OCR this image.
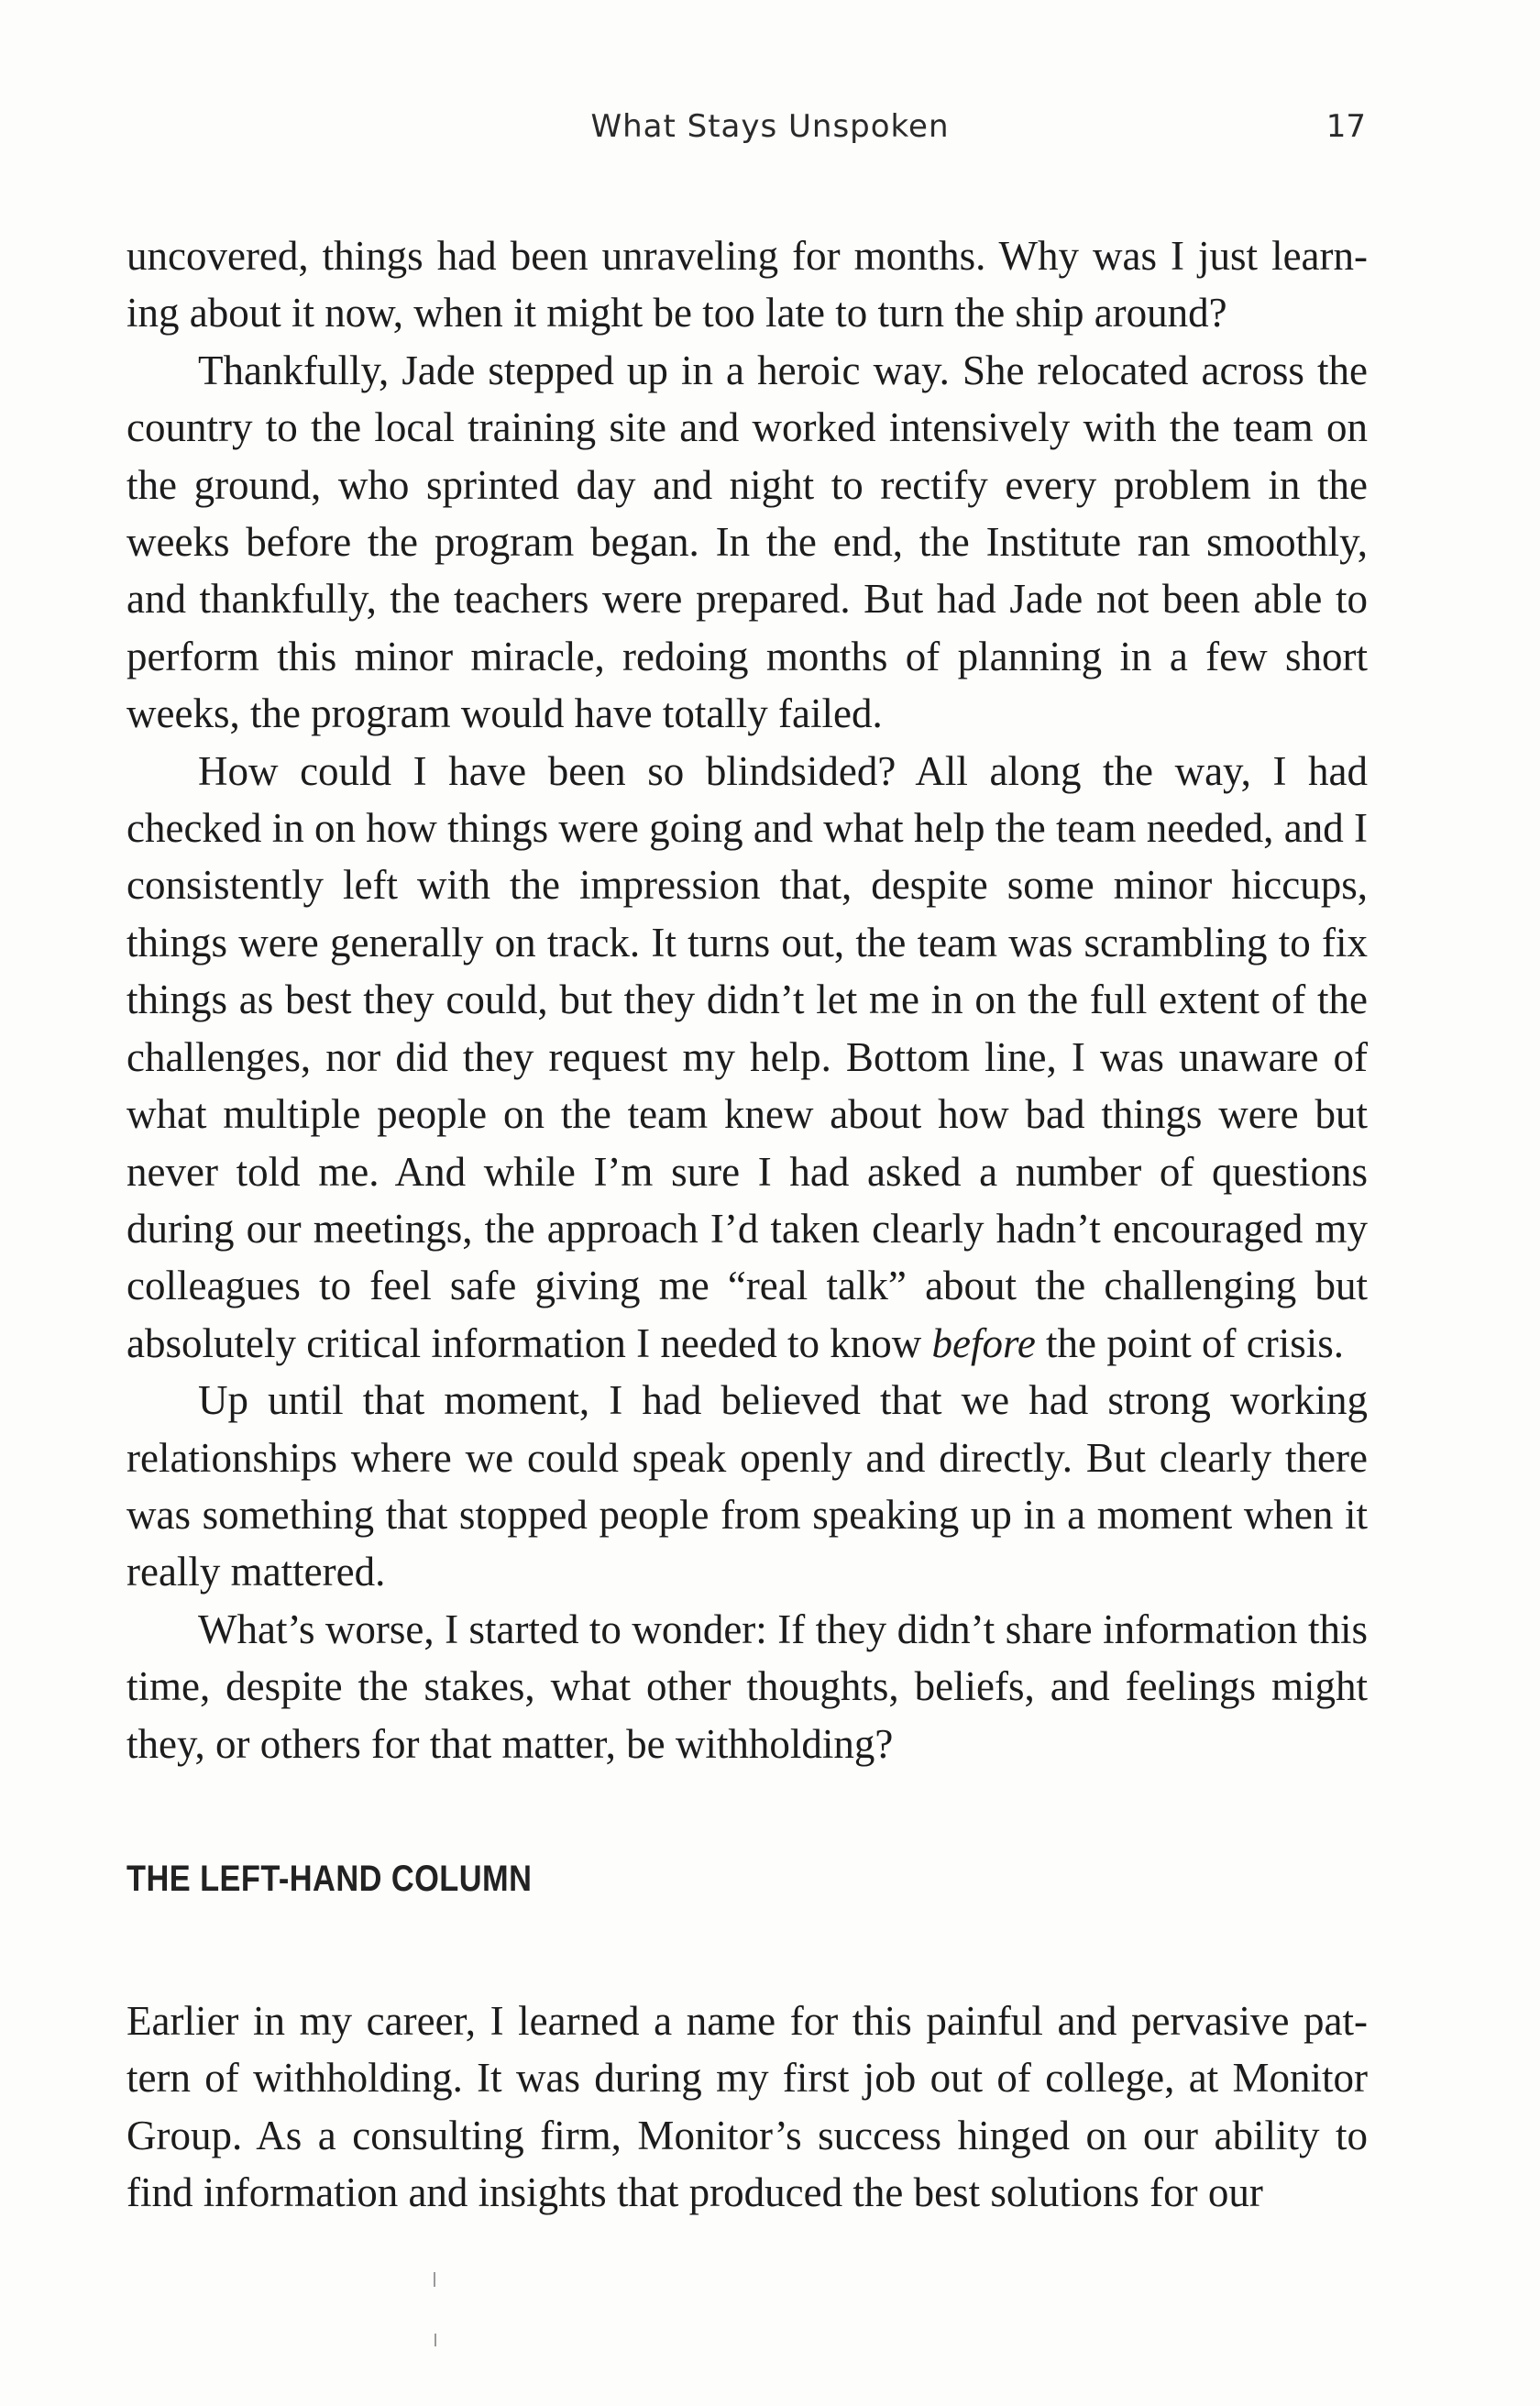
What Stays Unspoken	17

uncovered, things had been unraveling for months. Why was I just learn-ing about it now, when it might be too late to turn the ship around?

Thankfully, Jade stepped up in a heroic way. She relocated across the country to the local training site and worked intensively with the team on the ground, who sprinted day and night to rectify every problem in the weeks before the program began. In the end, the Institute ran smoothly, and thankfully, the teachers were prepared. But had Jade not been able to perform this minor miracle, redoing months of planning in a few short weeks, the program would have totally failed.

How could I have been so blindsided? All along the way, I had checked in on how things were going and what help the team needed, and I consistently left with the impression that, despite some minor hiccups, things were generally on track. It turns out, the team was scrambling to fix things as best they could, but they didn’t let me in on the full extent of the challenges, nor did they request my help. Bottom line, I was unaware of what multiple people on the team knew about how bad things were but never told me. And while I’m sure I had asked a number of questions during our meetings, the approach I’d taken clearly hadn’t encouraged my colleagues to feel safe giving me “real talk” about the challenging but absolutely critical information I needed to know before the point of crisis.

Up until that moment, I had believed that we had strong working relationships where we could speak openly and directly. But clearly there was something that stopped people from speaking up in a moment when it really mattered.

What’s worse, I started to wonder: If they didn’t share information this time, despite the stakes, what other thoughts, beliefs, and feelings might they, or others for that matter, be withholding?

THE LEFT-HAND COLUMN

Earlier in my career, I learned a name for this painful and pervasive pat-tern of withholding. It was during my first job out of college, at Monitor Group. As a consulting firm, Monitor’s success hinged on our ability to find information and insights that produced the best solutions for our
